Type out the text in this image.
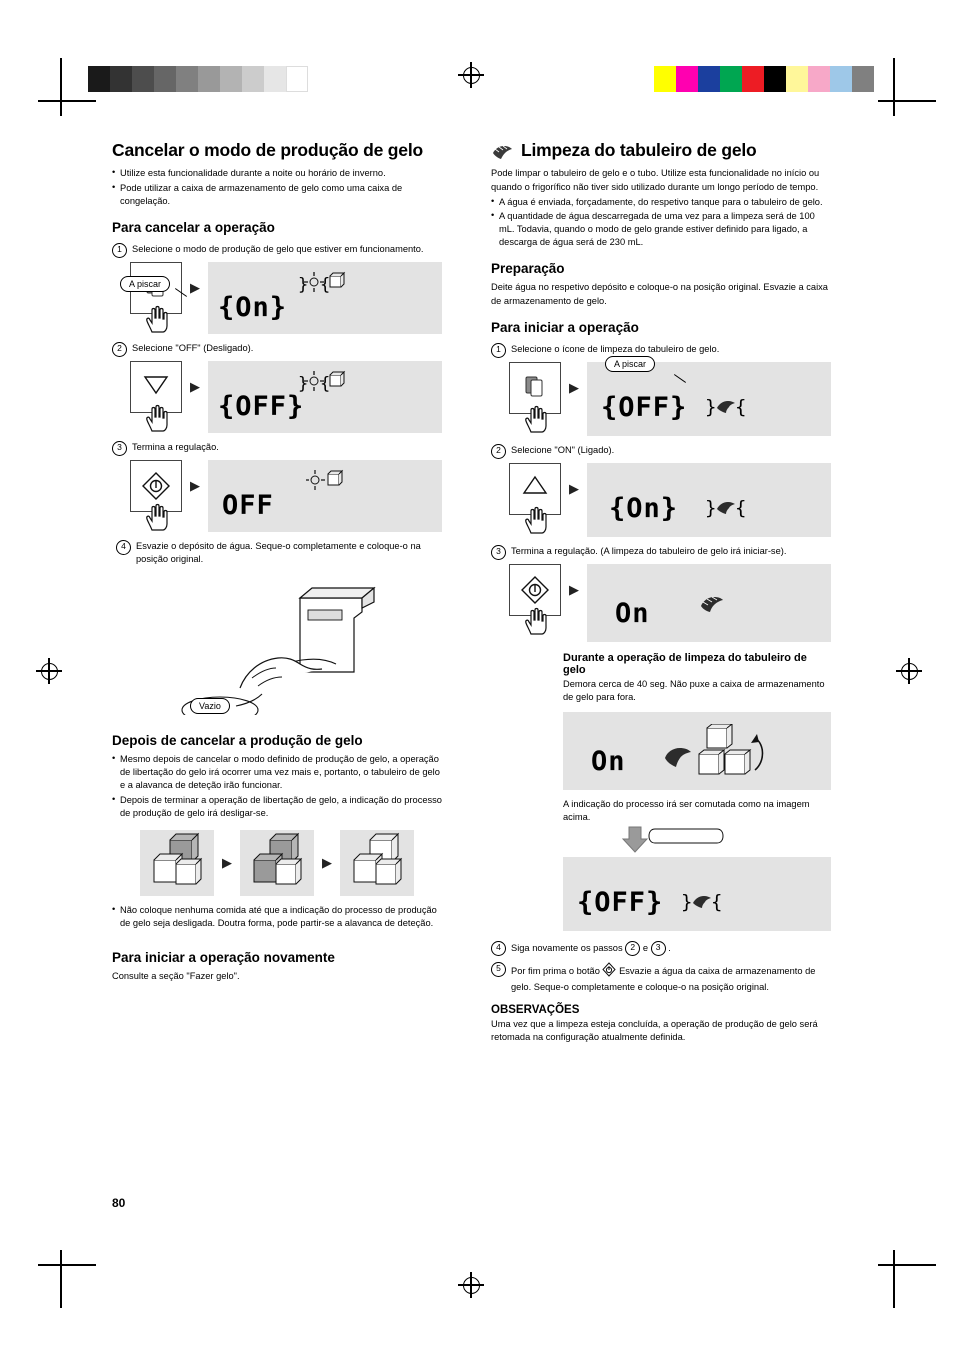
Cancelar o modo de produção de gelo
• Utilize esta funcionalidade durante a noite ou horário de inverno.
• Pode utilizar a caixa de armazenamento de gelo como uma caixa de congelação.
Para cancelar a operação
1	Selecione o modo de produção de gelo que estiver em funcionamento.
▶	} {
{On}
A piscar
2	Selecione "OFF" (Desligado).
▶	} {
{OFF}
3	Termina a regulação.
▶
OFF
4	Esvazie o depósito de água. Seque-o completamente e coloque-o na posição original.
Vazio
Depois de cancelar a produção de gelo
• Mesmo depois de cancelar o modo definido de produção de gelo, a operação de libertação do gelo irá ocorrer uma vez mais e, portanto, o tabuleiro de gelo e a alavanca de deteção irão funcionar.
• Depois de terminar a operação de libertação de gelo, a indicação do processo de produção de gelo irá desligar-se.
▶	▶
• Não coloque nenhuma comida até que a indicação do processo de produção de gelo seja desligada. Doutra forma, pode partir-se a alavanca de deteção.
Para iniciar a operação novamente

Consulte a seção "Fazer gelo".

Limpeza do tabuleiro de gelo

Pode limpar o tabuleiro de gelo e o tubo. Utilize esta funcionalidade no início ou quando o frigorífico não tiver sido utilizado durante um longo período de tempo.

• A água é enviada, forçadamente, do respetivo tanque para o tabuleiro de gelo.
• A quantidade de água descarregada de uma vez para a limpeza será de 100 mL. Todavia, quando o modo de gelo grande estiver definido para ligado, a descarga de água será de 230 mL.
Preparação

Deite água no respetivo depósito e coloque-o na posição original. Esvazie a caixa de armazenamento de gelo.

Para iniciar a operação
1	Selecione o ícone de limpeza do tabuleiro de gelo.
▶
{OFF} } {
A piscar
2	Selecione "ON" (Ligado).
▶
{On} } {
3	Termina a regulação. (A limpeza do tabuleiro de gelo irá iniciar-se).
▶
On
Durante a operação de limpeza do tabuleiro de gelo

Demora cerca de 40 seg. Não puxe a caixa de armazenamento de gelo para fora.

On

A indicação do processo irá ser comutada como na imagem acima.

{OFF} } {
4	Siga novamente os passos 2 e 3 .
5	Por fim prima o botão Esvazie a água da caixa de armazenamento de gelo. Seque-o completamente e coloque-o na posição original.
OBSERVAÇÕES

Uma vez que a limpeza esteja concluída, a operação de produção de gelo será retomada na configuração atualmente definida.

80
